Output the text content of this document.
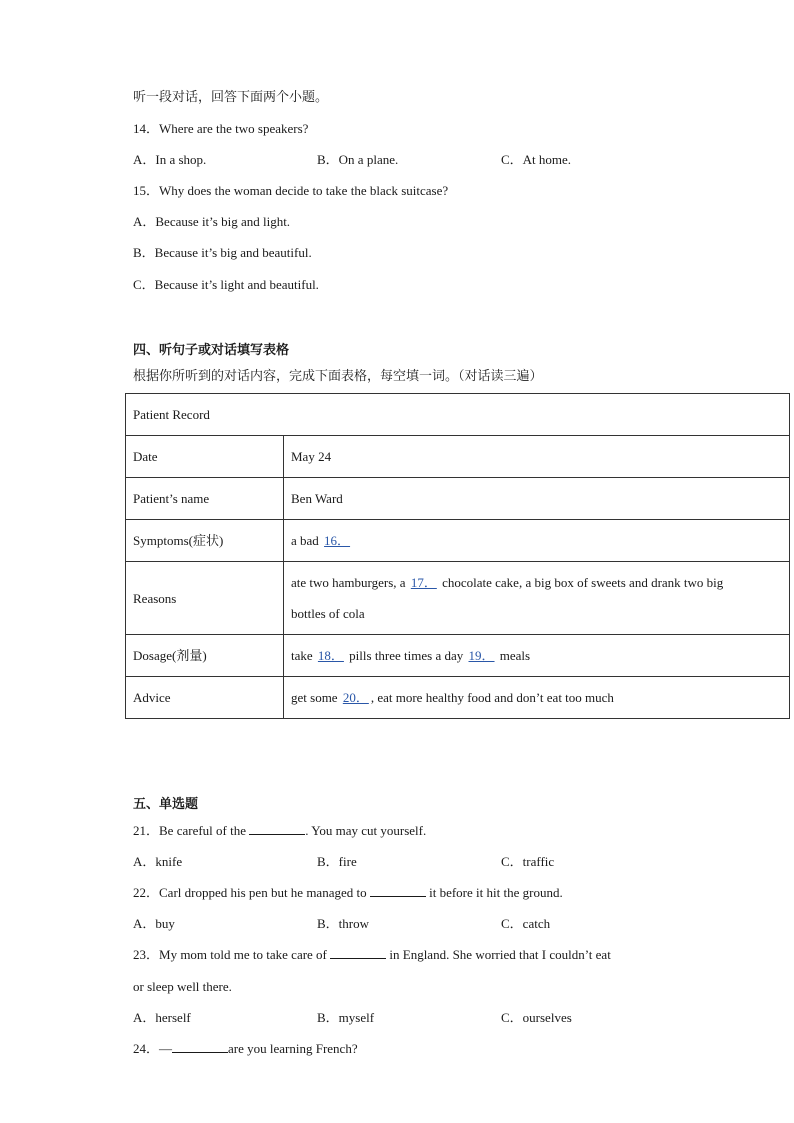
听一段对话，回答下面两个小题。
14．Where are the two speakers?
A．In a shop.	B．On a plane.	C．At home.
15．Why does the woman decide to take the black suitcase?
A．Because it’s big and light.
B．Because it’s big and beautiful.
C．Because it’s light and beautiful.
四、听句子或对话填写表格
根据你所听到的对话内容，完成下面表格，每空填一词。（对话读三遍）
Patient Record	
Date	May 24
Patient’s name	Ben Ward
Symptoms(症状)	a bad 16．
Reasons	ate two hamburgers, a 17． chocolate cake, a big box of sweets and drank two big
bottles of cola

Dosage(剂量)	take 18． pills three times a day 19． meals
Advice	get some 20． , eat more healthy food and don’t eat too much
五、单选题
21．Be careful of the	. You may cut yourself.
A．knife	B．fire	C．traffic
22．Carl dropped his pen but he managed to	it before it hit the ground.
A．buy	B．throw	C．catch
23．My mom told me to take care of	in England. She worried that I couldn’t eat
or sleep well there.
A．herself	B．myself	C．ourselves
24．—	are you learning French?
